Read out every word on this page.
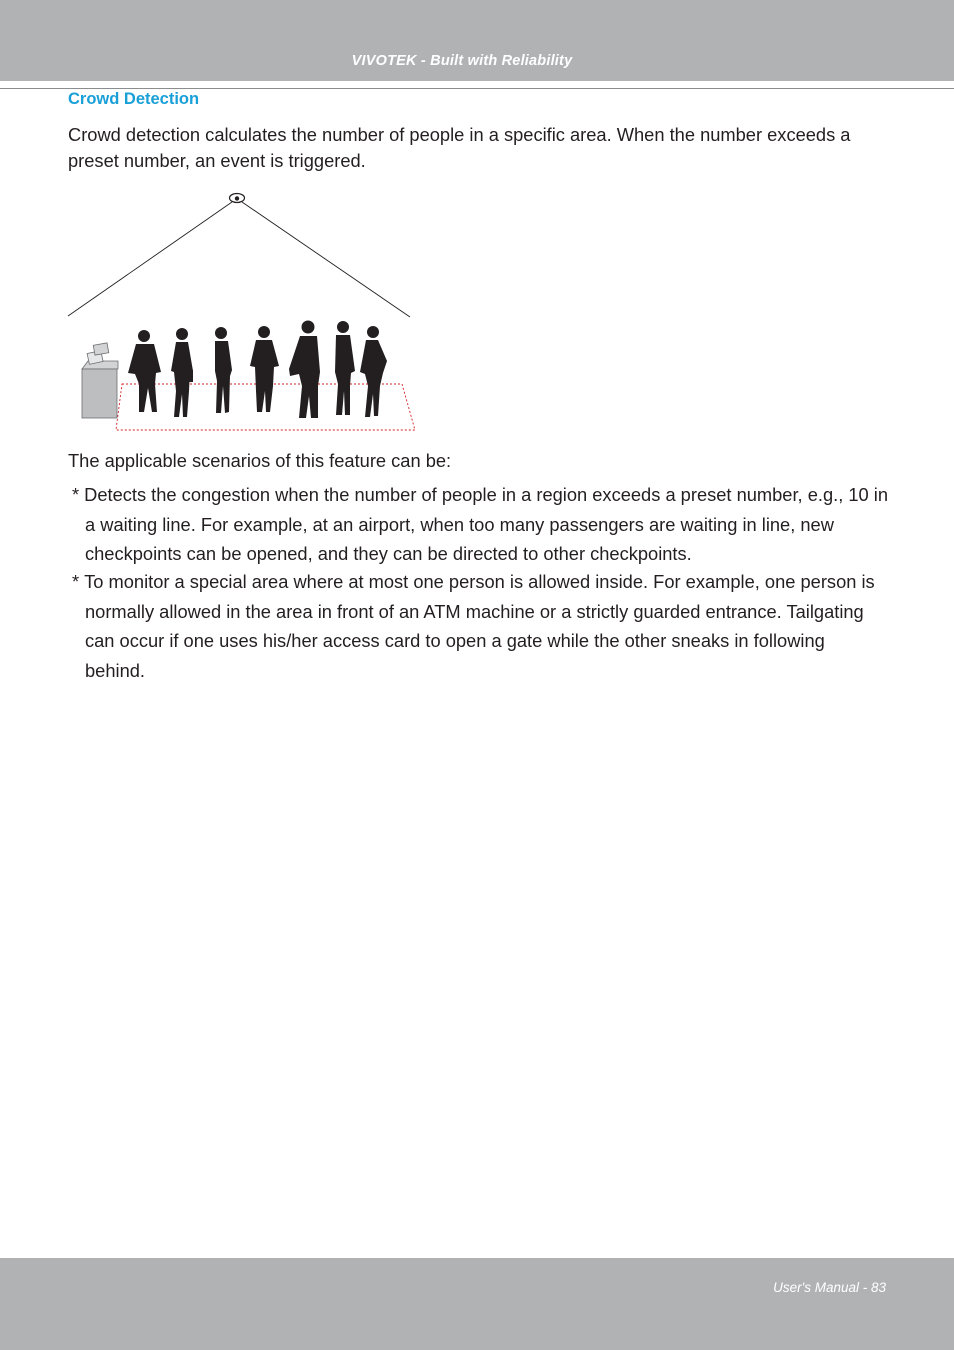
VIVOTEK - Built with Reliability
Crowd Detection
Crowd detection calculates the number of people in a specific area. When the number exceeds a preset number, an event is triggered.
The applicable scenarios of this feature can be:
* Detects the congestion when the number of people in a region exceeds a preset number, e.g., 10 in a waiting line. For example, at an airport, when too many passengers are waiting in line, new checkpoints can be opened, and they can be directed to other checkpoints.
* To monitor a special area where at most one person is allowed inside. For example, one person is normally allowed in the area in front of an ATM machine or a strictly guarded entrance. Tailgating can occur if one uses his/her access card to open a gate while the other sneaks in following behind.
User's Manual - 83
